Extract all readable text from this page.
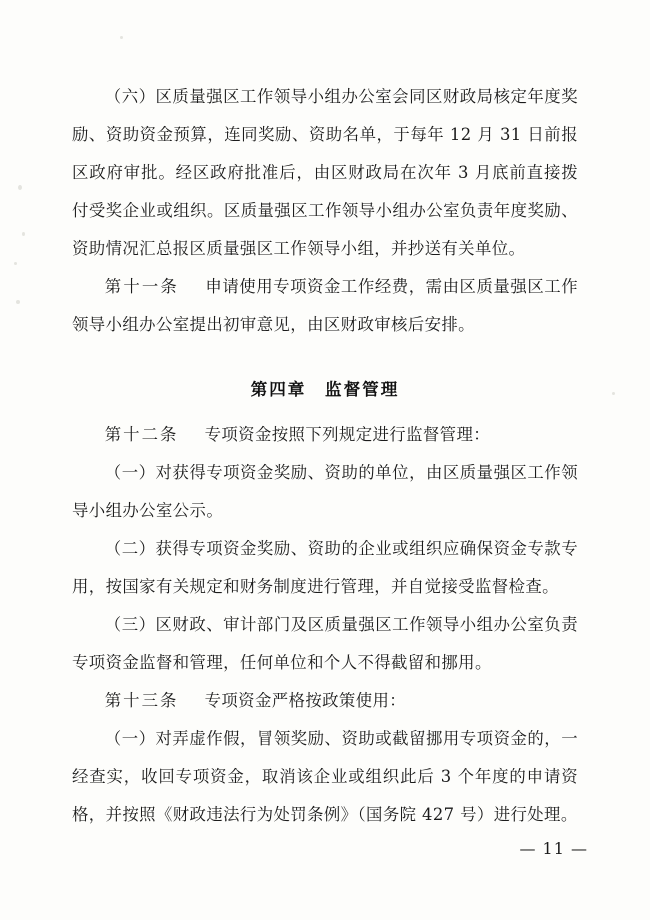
（六）区质量强区工作领导小组办公室会同区财政局核定年度奖励、资助资金预算，连同奖励、资助名单，于每年 12 月 31 日前报区政府审批。经区政府批准后，由区财政局在次年 3 月底前直接拨付受奖企业或组织。区质量强区工作领导小组办公室负责年度奖励、资助情况汇总报区质量强区工作领导小组，并抄送有关单位。

第十一条 申请使用专项资金工作经费，需由区质量强区工作领导小组办公室提出初审意见，由区财政审核后安排。

第四章　监督管理

第十二条 专项资金按照下列规定进行监督管理：

（一）对获得专项资金奖励、资助的单位，由区质量强区工作领导小组办公室公示。

（二）获得专项资金奖励、资助的企业或组织应确保资金专款专用，按国家有关规定和财务制度进行管理，并自觉接受监督检查。

（三）区财政、审计部门及区质量强区工作领导小组办公室负责专项资金监督和管理，任何单位和个人不得截留和挪用。

第十三条 专项资金严格按政策使用：

（一）对弄虚作假，冒领奖励、资助或截留挪用专项资金的，一经查实，收回专项资金，取消该企业或组织此后 3 个年度的申请资格，并按照《财政违法行为处罚条例》（国务院 427 号）进行处理。

— 11 —
